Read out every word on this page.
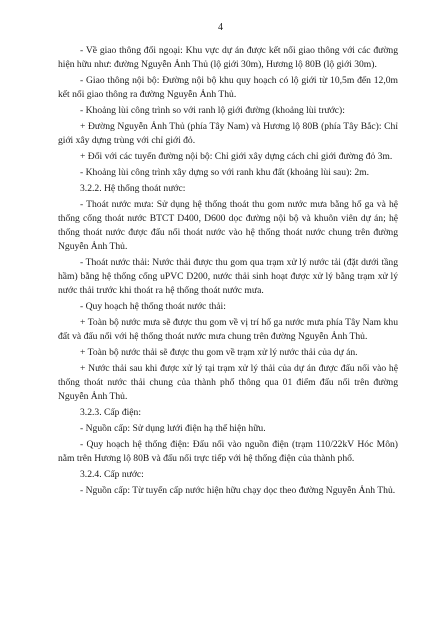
4

- Về giao thông đối ngoại: Khu vực dự án được kết nối giao thông với các đường hiện hữu như: đường Nguyễn Ảnh Thủ (lộ giới 30m), Hương lộ 80B (lộ giới 30m).

- Giao thông nội bộ: Đường nội bộ khu quy hoạch có lộ giới từ 10,5m đến 12,0m kết nối giao thông ra đường Nguyễn Ảnh Thủ.

- Khoảng lùi công trình so với ranh lộ giới đường (khoảng lùi trước):

+ Đường Nguyễn Ảnh Thủ (phía Tây Nam) và Hương lộ 80B (phía Tây Bắc): Chỉ giới xây dựng trùng với chỉ giới đỏ.

+ Đối với các tuyến đường nội bộ: Chỉ giới xây dựng cách chỉ giới đường đỏ 3m.

- Khoảng lùi công trình xây dựng so với ranh khu đất (khoảng lùi sau): 2m.

3.2.2. Hệ thống thoát nước:

- Thoát nước mưa: Sử dụng hệ thống thoát thu gom nước mưa bằng hố ga và hệ thống cống thoát nước BTCT D400, D600 dọc đường nội bộ và khuôn viên dự án; hệ thống thoát nước được đấu nối thoát nước vào hệ thống thoát nước chung trên đường Nguyễn Ảnh Thủ.

- Thoát nước thải: Nước thải được thu gom qua trạm xử lý nước tải (đặt dưới tầng hầm) bằng hệ thống cống uPVC D200, nước thải sinh hoạt được xử lý bằng trạm xử lý nước thải trước khi thoát ra hệ thống thoát nước mưa.

- Quy hoạch hệ thống thoát nước thải:

+ Toàn bộ nước mưa sẽ được thu gom về vị trí hố ga nước mưa phía Tây Nam khu đất và đấu nối với hệ thống thoát nước mưa chung trên đường Nguyễn Ảnh Thủ.

+ Toàn bộ nước thải sẽ được thu gom về trạm xử lý nước thải của dự án.

+ Nước thải sau khi được xử lý tại trạm xử lý thải của dự án được đấu nối vào hệ thống thoát nước thải chung của thành phố thông qua 01 điểm đấu nối trên đường Nguyễn Ảnh Thủ.

3.2.3. Cấp điện:

- Nguồn cấp: Sử dụng lưới điện hạ thế hiện hữu.

- Quy hoạch hệ thống điện: Đấu nối vào nguồn điện (trạm 110/22kV Hóc Môn) nằm trên Hương lộ 80B và đấu nối trực tiếp với hệ thống điện của thành phố.

3.2.4. Cấp nước:

- Nguồn cấp: Từ tuyến cấp nước hiện hữu chạy dọc theo đường Nguyễn Ảnh Thủ.
